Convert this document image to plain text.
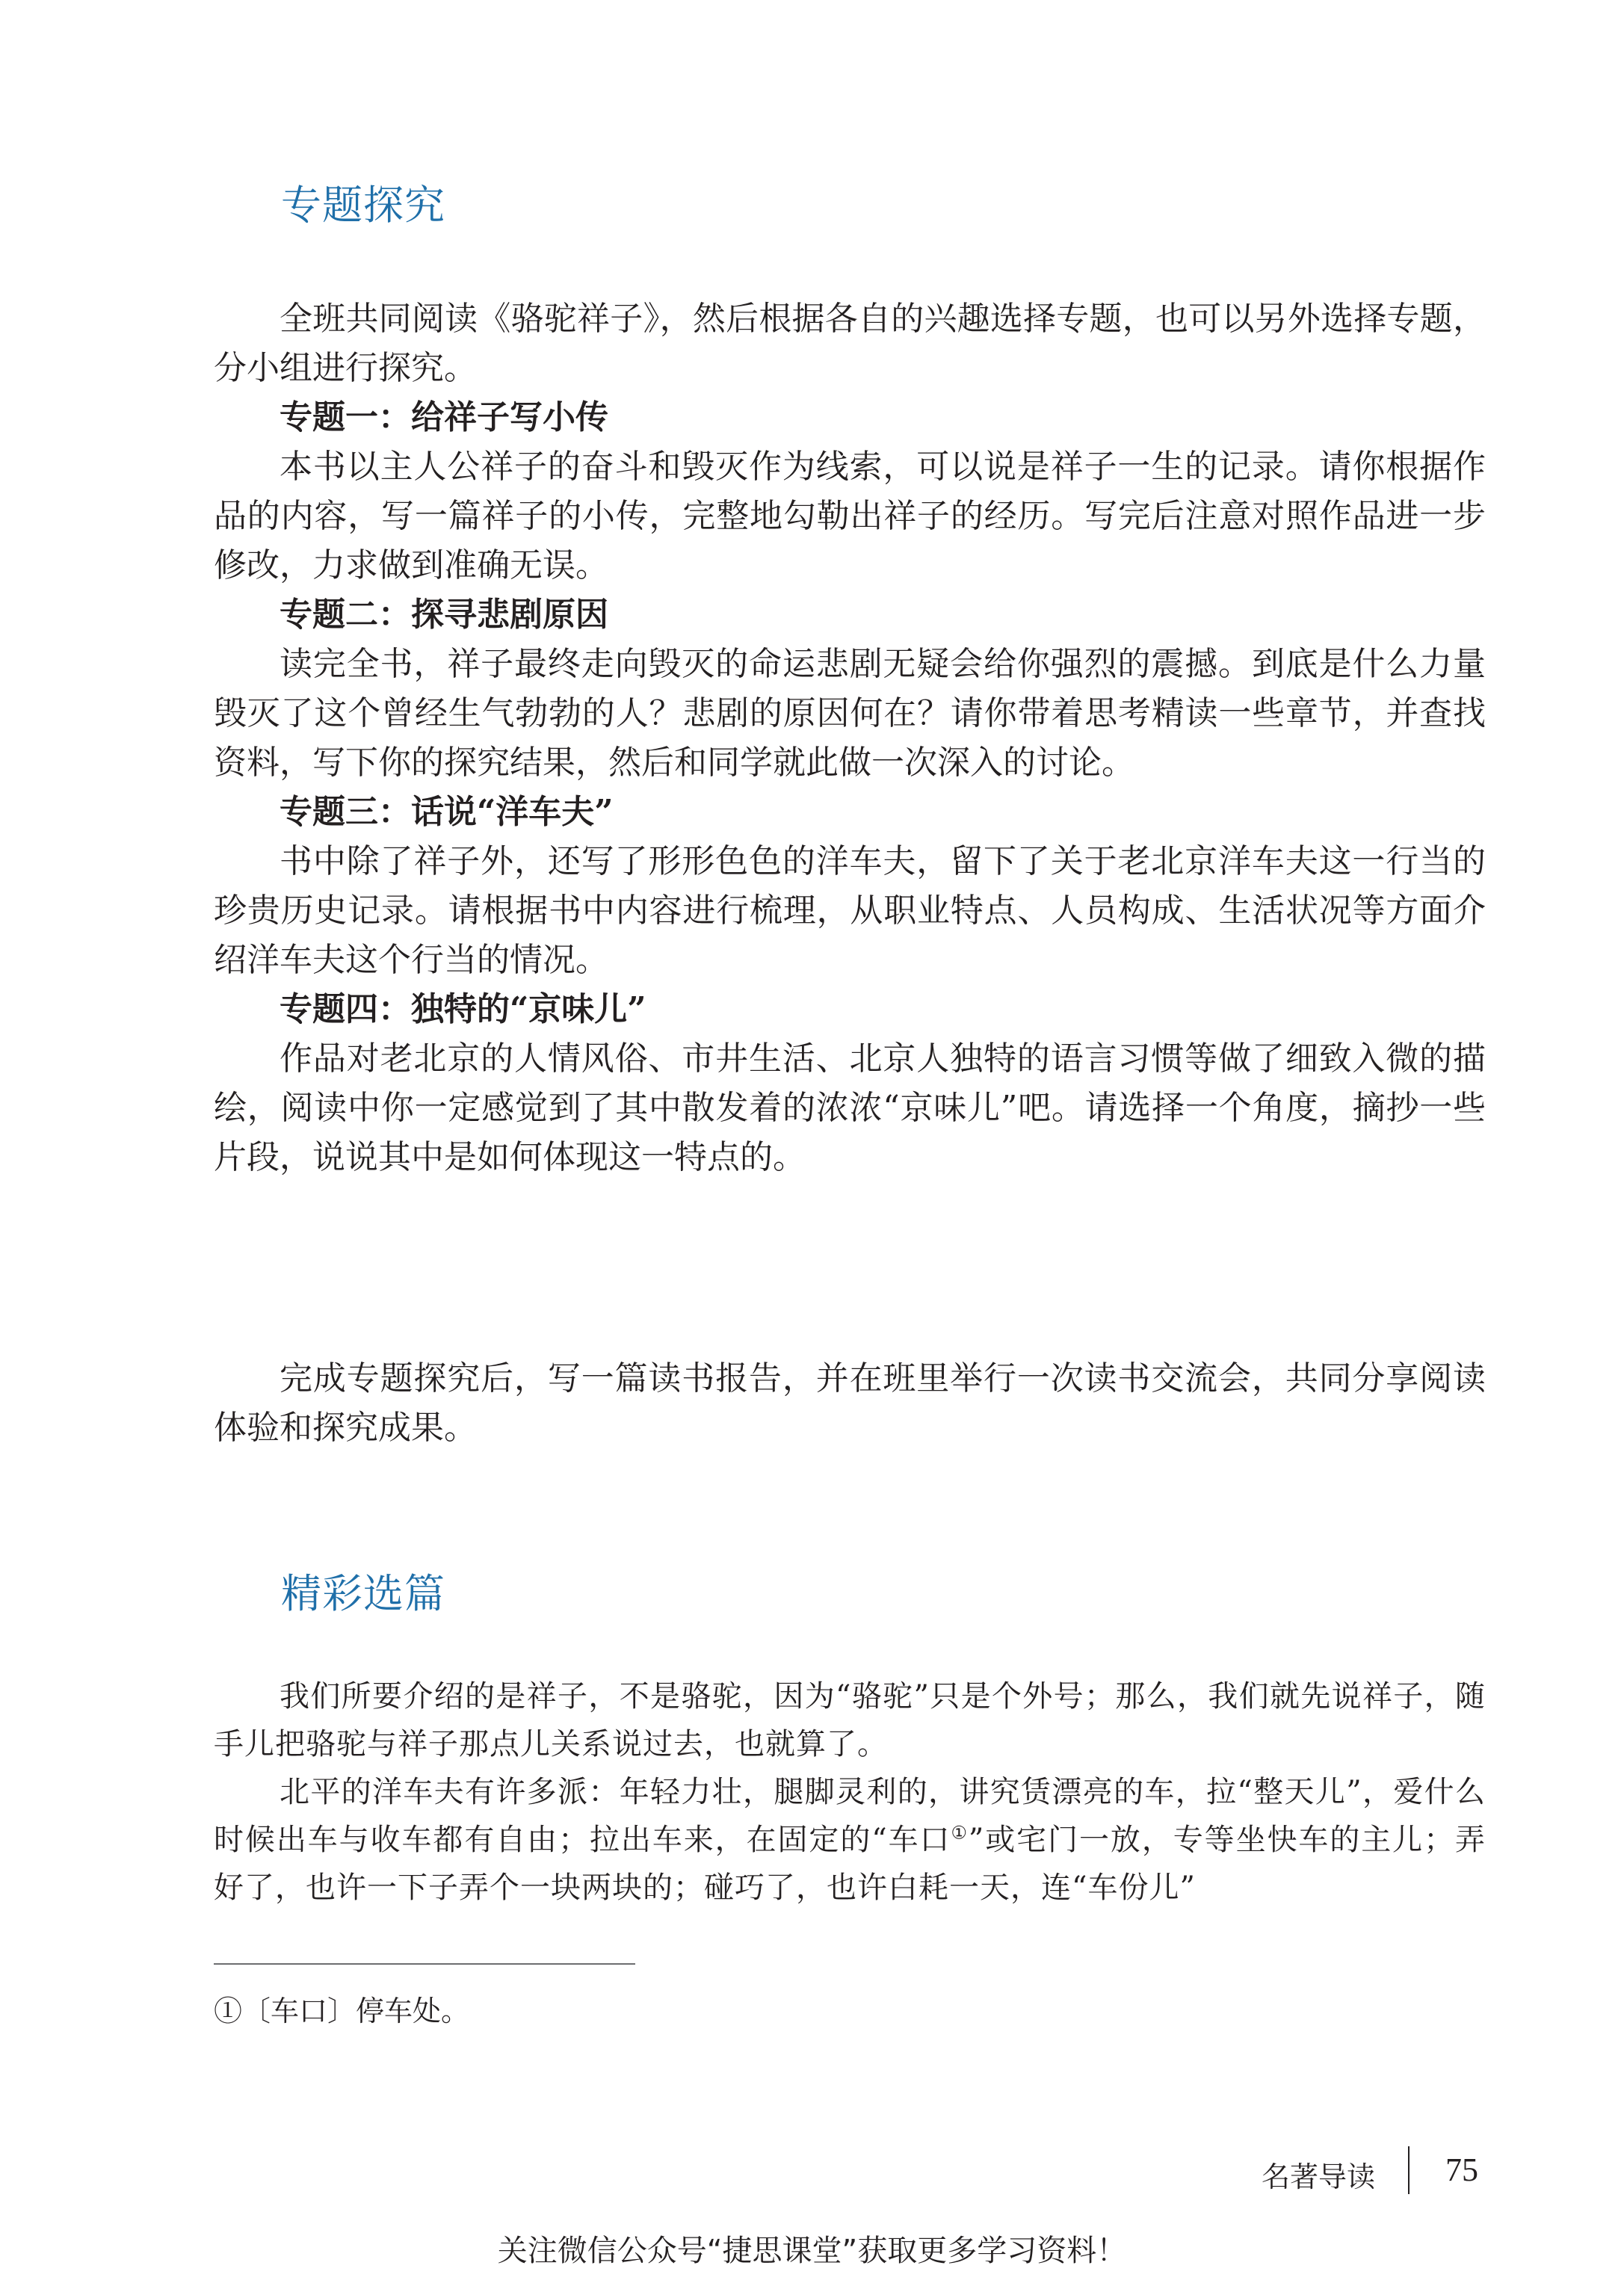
专题探究

全班共同阅读《骆驼祥子》，然后根据各自的兴趣选择专题，也可以另外选择专题，分小组进行探究。

专题一：给祥子写小传

本书以主人公祥子的奋斗和毁灭作为线索，可以说是祥子一生的记录。请你根据作品的内容，写一篇祥子的小传，完整地勾勒出祥子的经历。写完后注意对照作品进一步修改，力求做到准确无误。

专题二：探寻悲剧原因

读完全书，祥子最终走向毁灭的命运悲剧无疑会给你强烈的震撼。到底是什么力量毁灭了这个曾经生气勃勃的人？悲剧的原因何在？请你带着思考精读一些章节，并查找资料，写下你的探究结果，然后和同学就此做一次深入的讨论。

专题三：话说“洋车夫”

书中除了祥子外，还写了形形色色的洋车夫，留下了关于老北京洋车夫这一行当的珍贵历史记录。请根据书中内容进行梳理，从职业特点、人员构成、生活状况等方面介绍洋车夫这个行当的情况。

专题四：独特的“京味儿”

作品对老北京的人情风俗、市井生活、北京人独特的语言习惯等做了细致入微的描绘，阅读中你一定感觉到了其中散发着的浓浓“京味儿”吧。请选择一个角度，摘抄一些片段，说说其中是如何体现这一特点的。

完成专题探究后，写一篇读书报告，并在班里举行一次读书交流会，共同分享阅读体验和探究成果。

精彩选篇

我们所要介绍的是祥子，不是骆驼，因为“骆驼”只是个外号；那么，我们就先说祥子，随手儿把骆驼与祥子那点儿关系说过去，也就算了。

北平的洋车夫有许多派：年轻力壮，腿脚灵利的，讲究赁漂亮的车，拉“整天儿”，爱什么时候出车与收车都有自由；拉出车来，在固定的“车口①”或宅门一放，专等坐快车的主儿；弄好了，也许一下子弄个一块两块的；碰巧了，也许白耗一天，连“车份儿”

①〔车口〕停车处。
名著导读 75
关注微信公众号“捷思课堂”获取更多学习资料！
